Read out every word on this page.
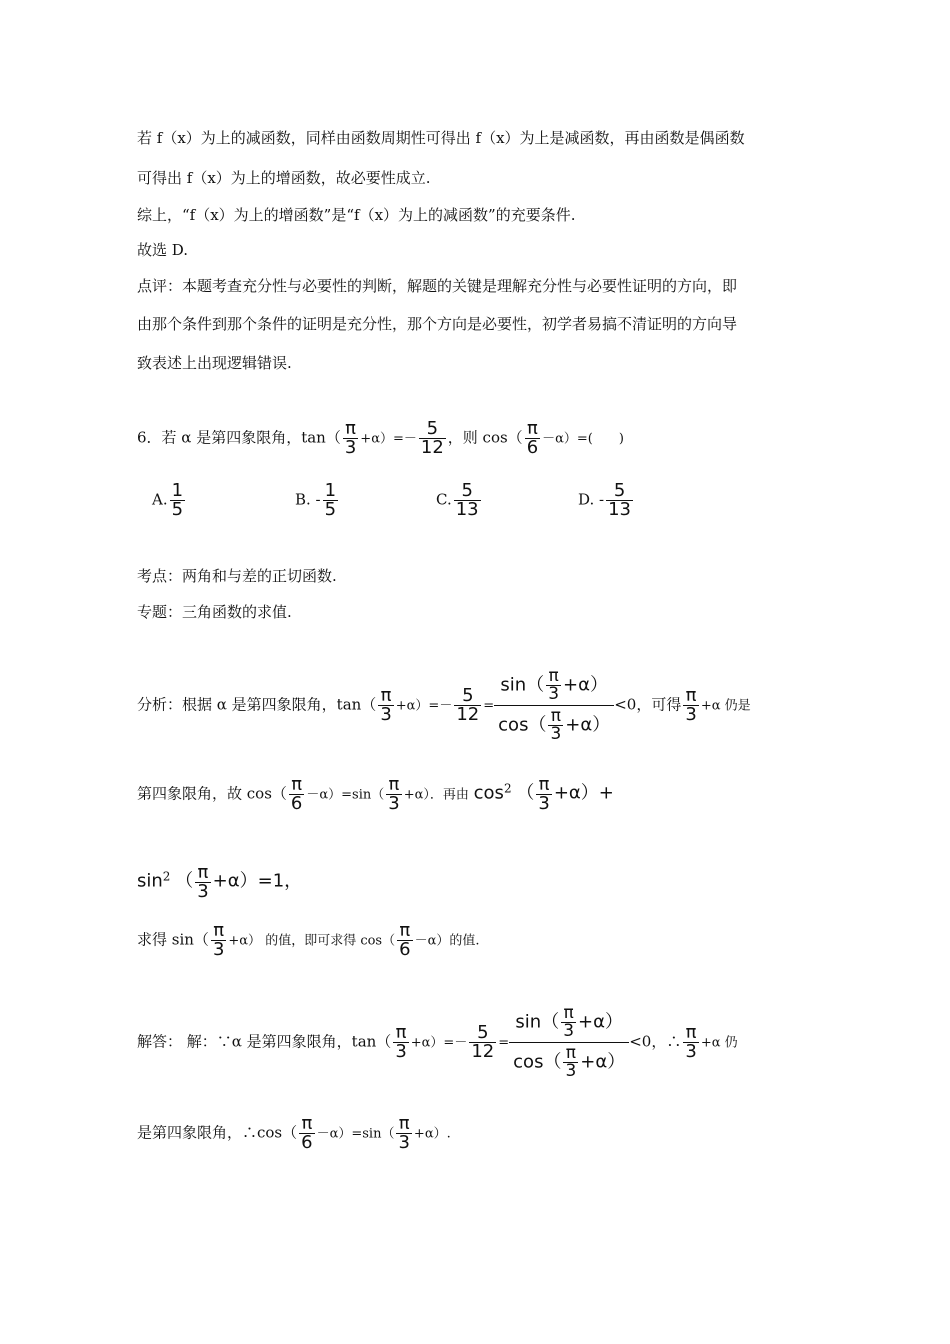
若 f（x）为上的减函数，同样由函数周期性可得出 f（x）为上是减函数，再由函数是偶函数
可得出 f（x）为上的增函数，故必要性成立.
综上，“f（x）为上的增函数”是“f（x）为上的减函数”的充要条件.
故选 D.
点评：本题考查充分性与必要性的判断，解题的关键是理解充分性与必要性证明的方向，即
由那个条件到那个条件的证明是充分性，那个方向是必要性，初学者易搞不清证明的方向导
致表述上出现逻辑错误.
6．若 α 是第四象限角，$\tan( \frac{\pi}{3} +\alpha)=- \frac{5}{12}$ ，则 $\cos( \frac{\pi}{6} -\alpha)=$(　　)
A. $\frac{1}{5}$	B. - $\frac{1}{5}$	C. $\frac{5}{13}$	D. - $\frac{5}{13}$
考点：两角和与差的正切函数.
专题：三角函数的求值.
分析：根据 α 是第四象限角，$\tan( \frac{\pi}{3} +\alpha)=- \frac{5}{12} = \frac{\sin( \frac{\pi}{3} +\alpha)}{\cos( \frac{\pi}{3} +\alpha)} <0$，可得 $\frac{\pi}{3} +\alpha$ 仍是
第四象限角，故 $\cos( \frac{\pi}{6} -\alpha)=\sin( \frac{\pi}{3} +\alpha)$．再由 $\cos^2$ （ $\frac{\pi}{3} +\alpha)+$
$\sin^2$ （ $\frac{\pi}{3} +\alpha)=1$，
求得 $\sin( \frac{\pi}{3} +\alpha)$ 的值，即可求得 $\cos( \frac{\pi}{6} -\alpha)$的值.
解答： 解：∵α 是第四象限角，$\tan( \frac{\pi}{3} +\alpha)=- \frac{5}{12} = \frac{\sin( \frac{\pi}{3} +\alpha)}{\cos( \frac{\pi}{3} +\alpha)} <0$，∴ $\frac{\pi}{3} +\alpha$ 仍
是第四象限角，∴cos（ $\frac{\pi}{6} -\alpha)=\sin( \frac{\pi}{3} +\alpha)$.
